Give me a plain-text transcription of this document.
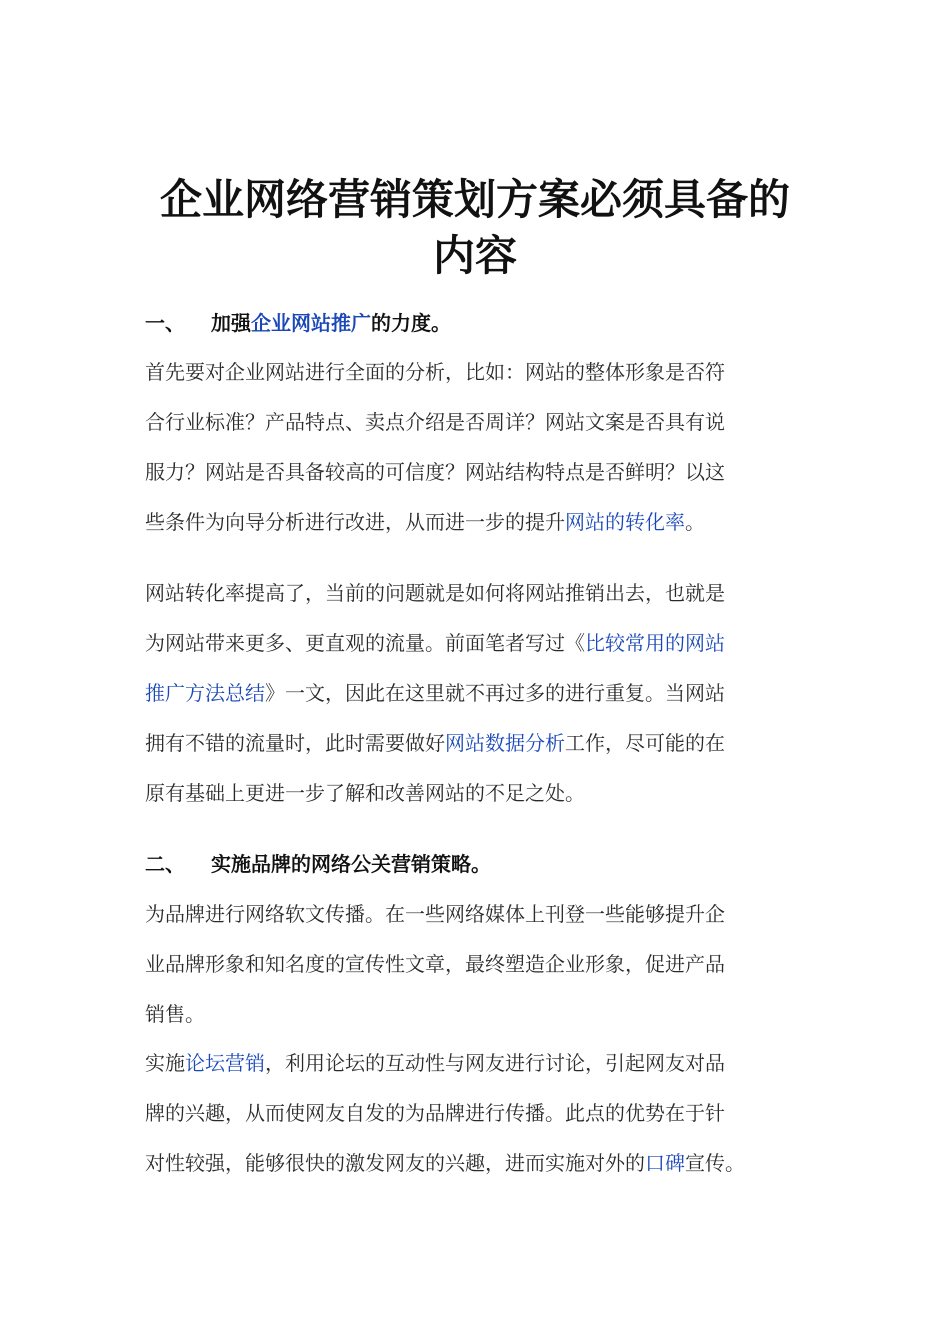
企业网络营销策划方案必须具备的
内容
一、 加强企业网站推广的力度。
首先要对企业网站进行全面的分析，比如：网站的整体形象是否符
合行业标准？产品特点、卖点介绍是否周详？网站文案是否具有说
服力？网站是否具备较高的可信度？网站结构特点是否鲜明？以这
些条件为向导分析进行改进，从而进一步的提升网站的转化率。
网站转化率提高了，当前的问题就是如何将网站推销出去，也就是
为网站带来更多、更直观的流量。前面笔者写过《比较常用的网站
推广方法总结》一文，因此在这里就不再过多的进行重复。当网站
拥有不错的流量时，此时需要做好网站数据分析工作，尽可能的在
原有基础上更进一步了解和改善网站的不足之处。
二、 实施品牌的网络公关营销策略。
为品牌进行网络软文传播。在一些网络媒体上刊登一些能够提升企
业品牌形象和知名度的宣传性文章，最终塑造企业形象，促进产品
销售。
实施论坛营销，利用论坛的互动性与网友进行讨论，引起网友对品
牌的兴趣，从而使网友自发的为品牌进行传播。此点的优势在于针
对性较强，能够很快的激发网友的兴趣，进而实施对外的口碑宣传。
